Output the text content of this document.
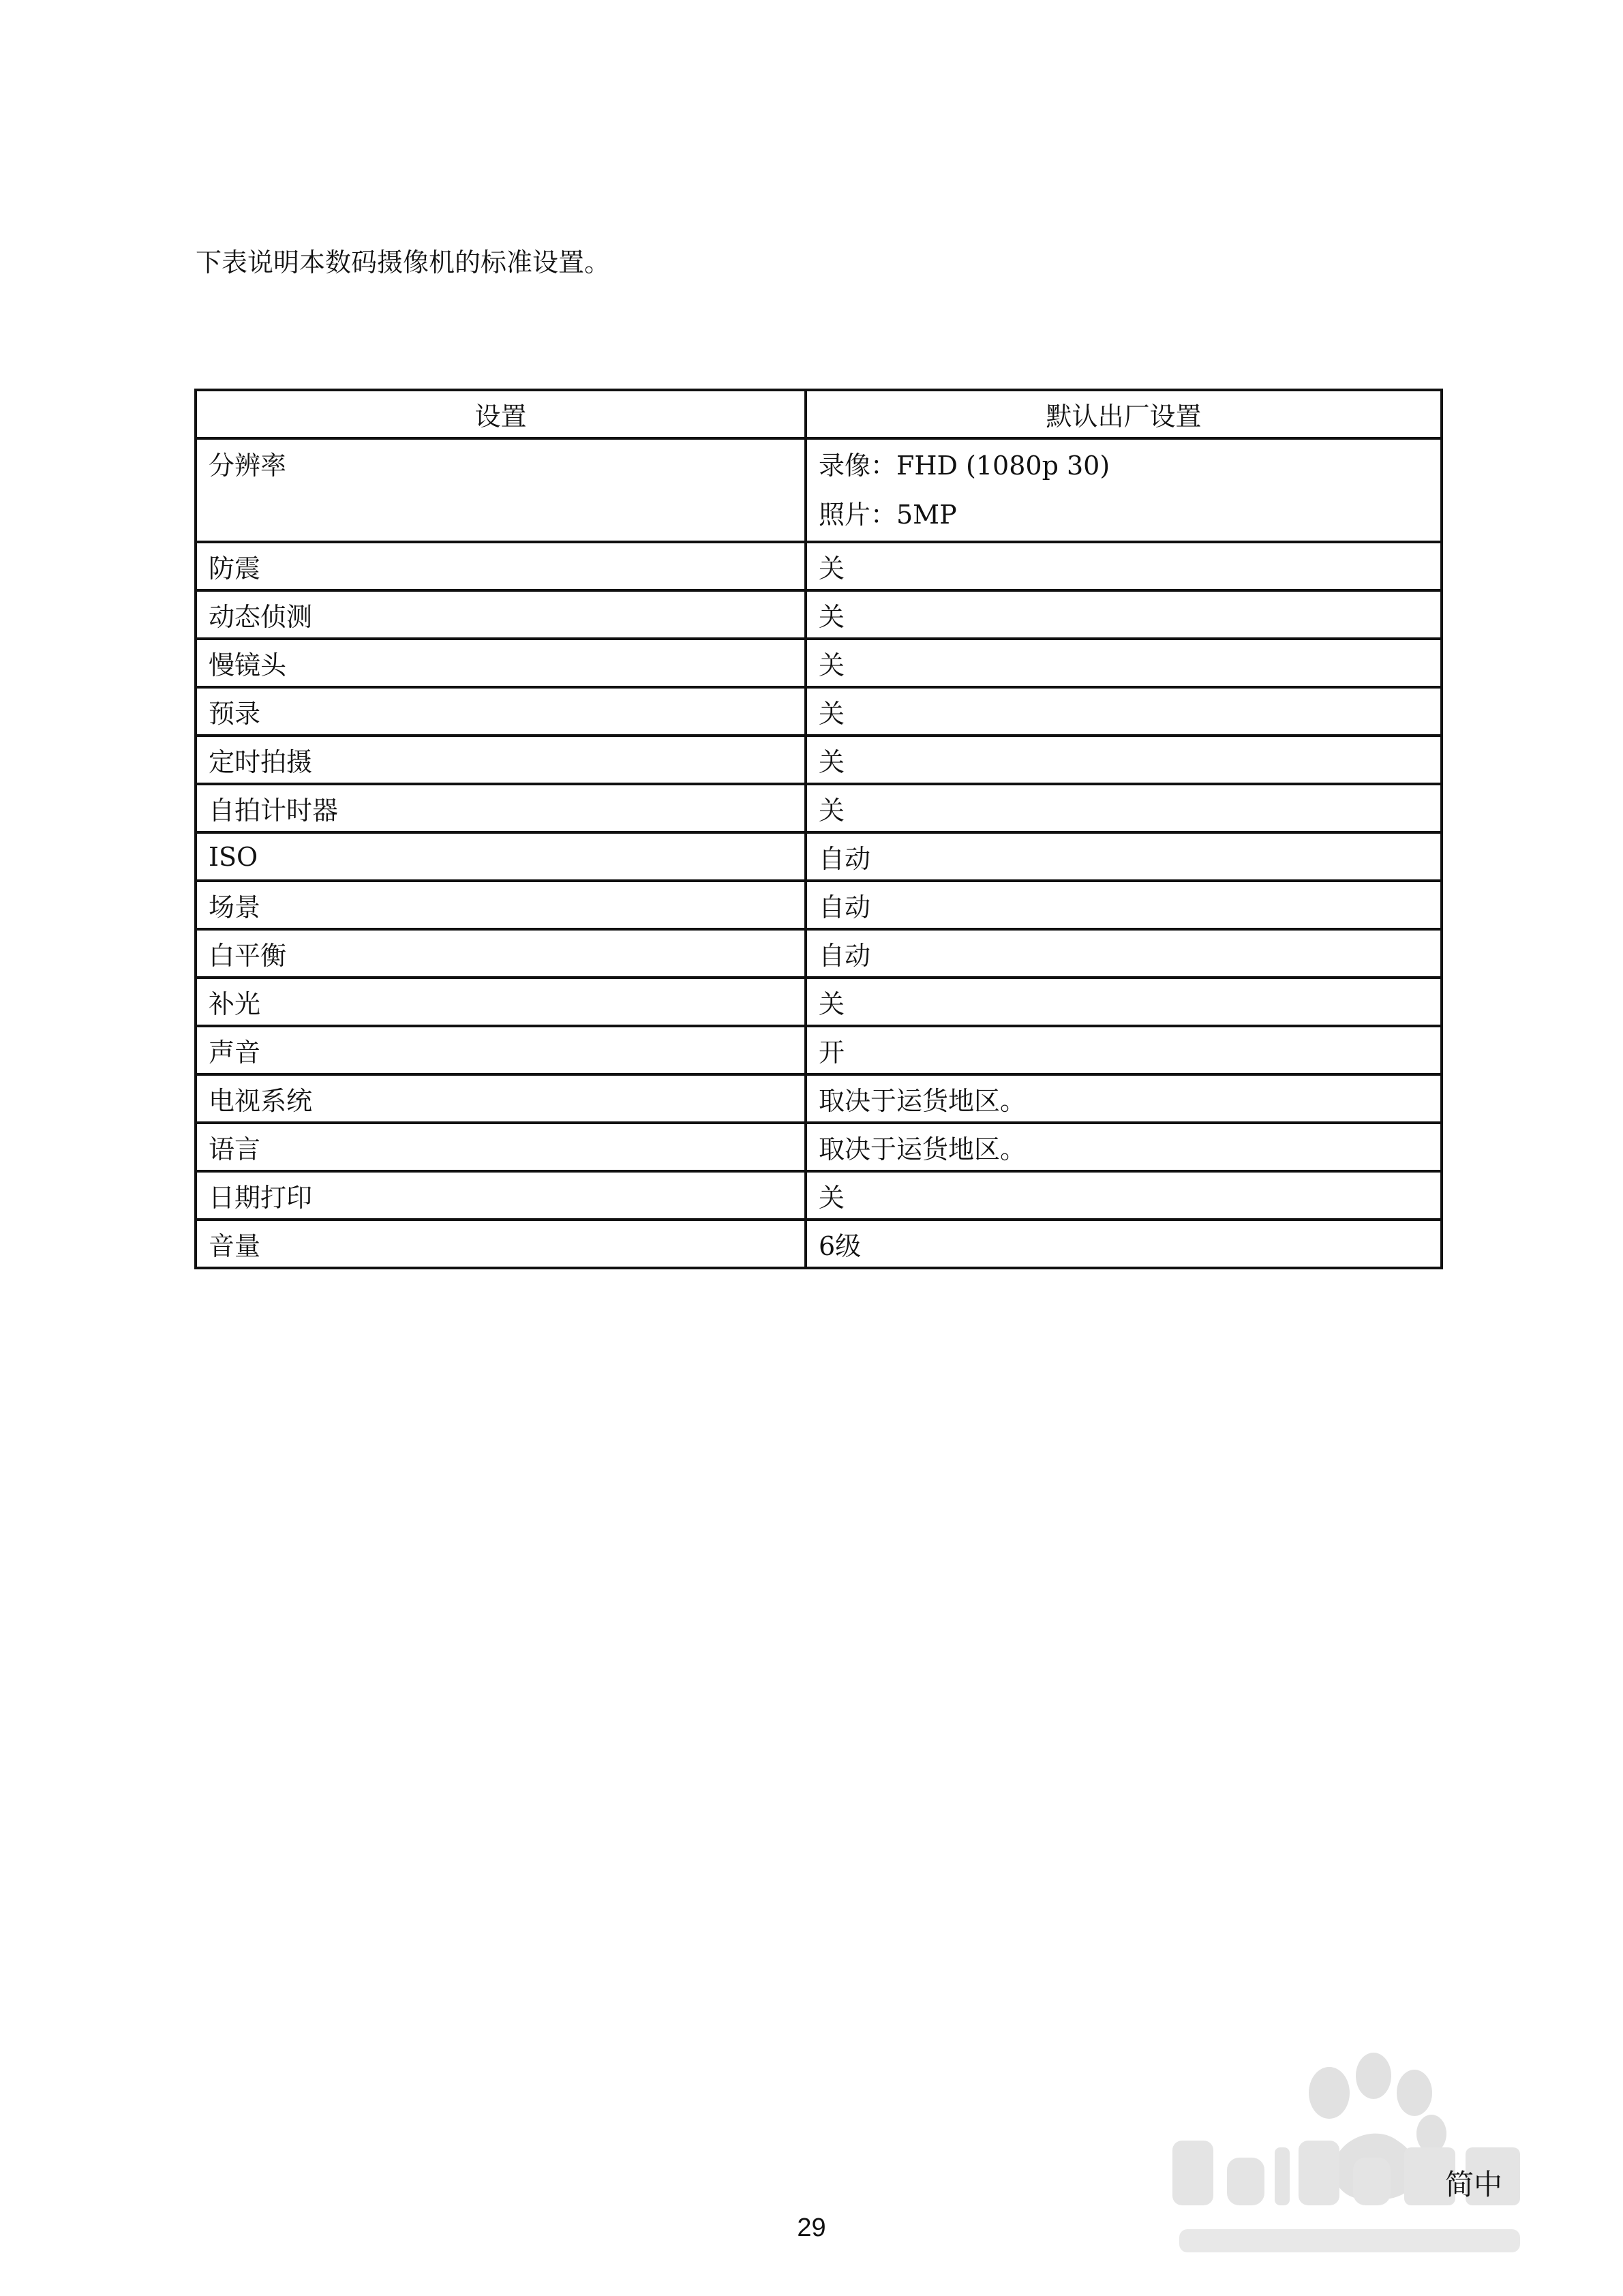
下表说明本数码摄像机的标准设置。
设置	默认出厂设置

分辨率	录像：FHD (1080p 30)
照片：5MP

防震	关
动态侦测	关
慢镜头	关
预录	关
定时拍摄	关
自拍计时器	关
ISO	自动
场景	自动
白平衡	自动
补光	关
声音	开
电视系统	取决于运货地区。
语言	取决于运货地区。
日期打印	关
音量	6级
简中
29
